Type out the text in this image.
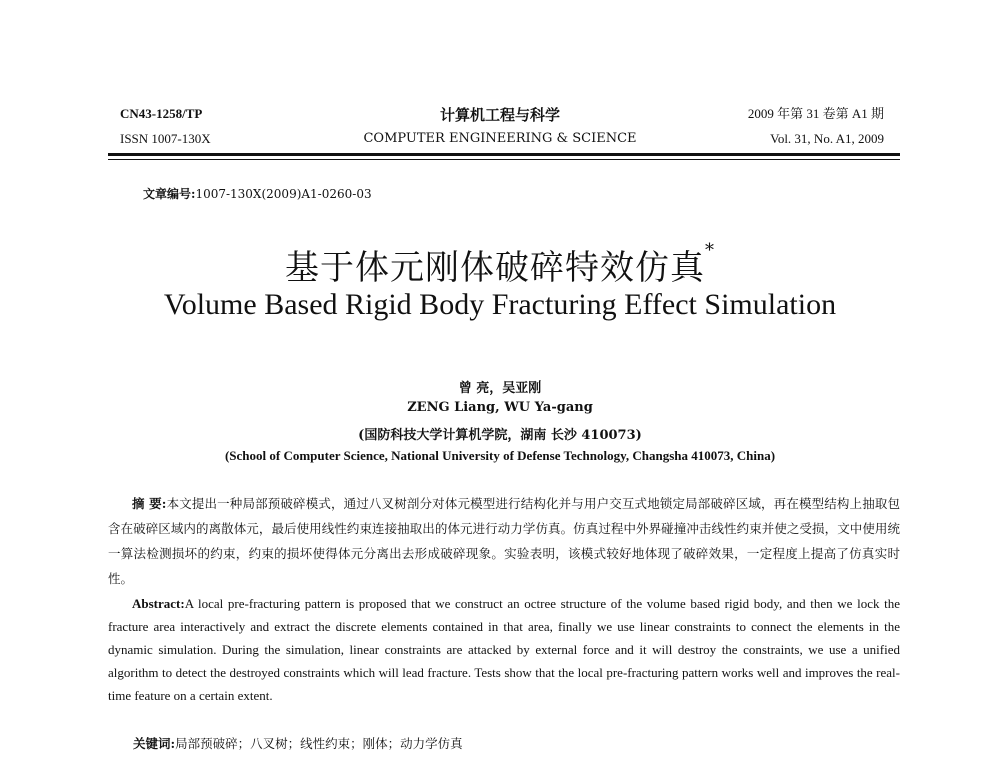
CN43-1258/TP
ISSN 1007-130X
计算机工程与科学
COMPUTER ENGINEERING & SCIENCE
2009 年第 31 卷第 A1 期
Vol. 31, No. A1, 2009
文章编号:1007-130X(2009)A1-0260-03
基于体元刚体破碎特效仿真*
Volume Based Rigid Body Fracturing Effect Simulation
曾 亮，吴亚刚
ZENG Liang, WU Ya-gang
(国防科技大学计算机学院，湖南 长沙 410073)
(School of Computer Science, National University of Defense Technology, Changsha 410073, China)
摘 要:本文提出一种局部预破碎模式，通过八叉树剖分对体元模型进行结构化并与用户交互式地锁定局部破碎区域，再在模型结构上抽取包含在破碎区域内的离散体元，最后使用线性约束连接抽取出的体元进行动力学仿真。仿真过程中外界碰撞冲击线性约束并使之受损，文中使用统一算法检测损坏的约束，约束的损坏使得体元分离出去形成破碎现象。实验表明，该模式较好地体现了破碎效果，一定程度上提高了仿真实时性。
Abstract:A local pre-fracturing pattern is proposed that we construct an octree structure of the volume based rigid body, and then we lock the fracture area interactively and extract the discrete elements contained in that area, finally we use linear constraints to connect the elements in the dynamic simulation. During the simulation, linear constraints are attacked by external force and it will destroy the constraints, we use a unified algorithm to detect the destroyed constraints which will lead fracture. Tests show that the local pre-fracturing pattern works well and improves the real-time feature on a certain extent.
关键词:局部预破碎；八叉树；线性约束；刚体；动力学仿真
